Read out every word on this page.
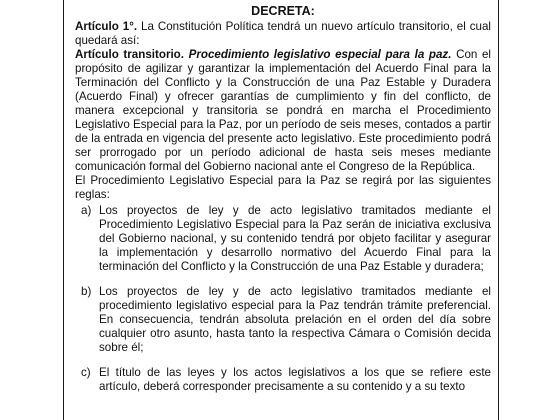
DECRETA:

Artículo 1°. La Constitución Política tendrá un nuevo artículo transitorio, el cual quedará así:

Artículo transitorio. Procedimiento legislativo especial para la paz. Con el propósito de agilizar y garantizar la implementación del Acuerdo Final para la Terminación del Conflicto y la Construcción de una Paz Estable y Duradera (Acuerdo Final) y ofrecer garantías de cumplimiento y fin del conflicto, de manera excepcional y transitoria se pondrá en marcha el Procedimiento Legislativo Especial para la Paz, por un período de seis meses, contados a partir de la entrada en vigencia del presente acto legislativo. Este procedimiento podrá ser prorrogado por un período adicional de hasta seis meses mediante comunicación formal del Gobierno nacional ante el Congreso de la República.

El Procedimiento Legislativo Especial para la Paz se regirá por las siguientes reglas:

a) Los proyectos de ley y de acto legislativo tramitados mediante el Procedimiento Legislativo Especial para la Paz serán de iniciativa exclusiva del Gobierno nacional, y su contenido tendrá por objeto facilitar y asegurar la implementación y desarrollo normativo del Acuerdo Final para la terminación del Conflicto y la Construcción de una Paz Estable y duradera;
b) Los proyectos de ley y de acto legislativo tramitados mediante el procedimiento legislativo especial para la Paz tendrán trámite preferencial. En consecuencia, tendrán absoluta prelación en el orden del día sobre cualquier otro asunto, hasta tanto la respectiva Cámara o Comisión decida sobre él;
c) El título de las leyes y los actos legislativos a los que se refiere este artículo, deberá corresponder precisamente a su contenido y a su texto
